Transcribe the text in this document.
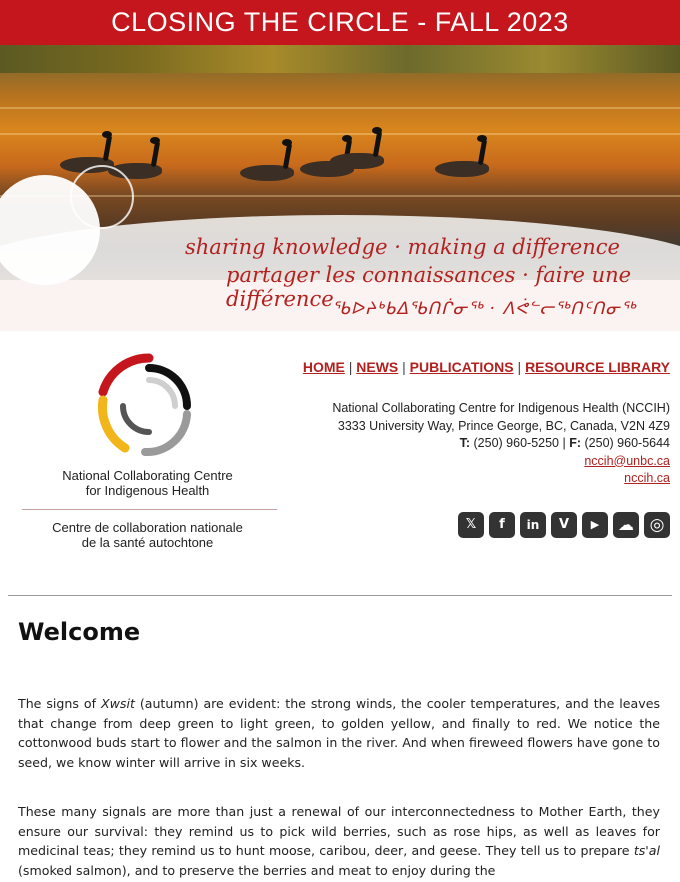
CLOSING THE CIRCLE - FALL 2023
sharing knowledge · making a difference
partager les connaissances · faire une différence
ᖃᐅᔨᒃᑲᐃᖃᑎᒌᓂᖅ · ᐱᕚᓪᓕᖅᑎᑦᑎᓂᖅ
National Collaborating Centre
for Indigenous Health
Centre de collaboration nationale
de la santé autochtone
HOME | NEWS | PUBLICATIONS | RESOURCE LIBRARY
National Collaborating Centre for Indigenous Health (NCCIH)
3333 University Way, Prince George, BC, Canada, V2N 4Z9
T: (250) 960-5250 | F: (250) 960-5644
nccih@unbc.ca
nccih.ca
𝕏	f	in	V	▶	☁ ◎
Welcome

The signs of Xwsit (autumn) are evident: the strong winds, the cooler temperatures, and the leaves that change from deep green to light green, to golden yellow, and finally to red. We notice the cottonwood buds start to flower and the salmon in the river. And when fireweed flowers have gone to seed, we know winter will arrive in six weeks.

These many signals are more than just a renewal of our interconnectedness to Mother Earth, they ensure our survival: they remind us to pick wild berries, such as rose hips, as well as leaves for medicinal teas; they remind us to hunt moose, caribou, deer, and geese. They tell us to prepare ts'al (smoked salmon), and to preserve the berries and meat to enjoy during the
